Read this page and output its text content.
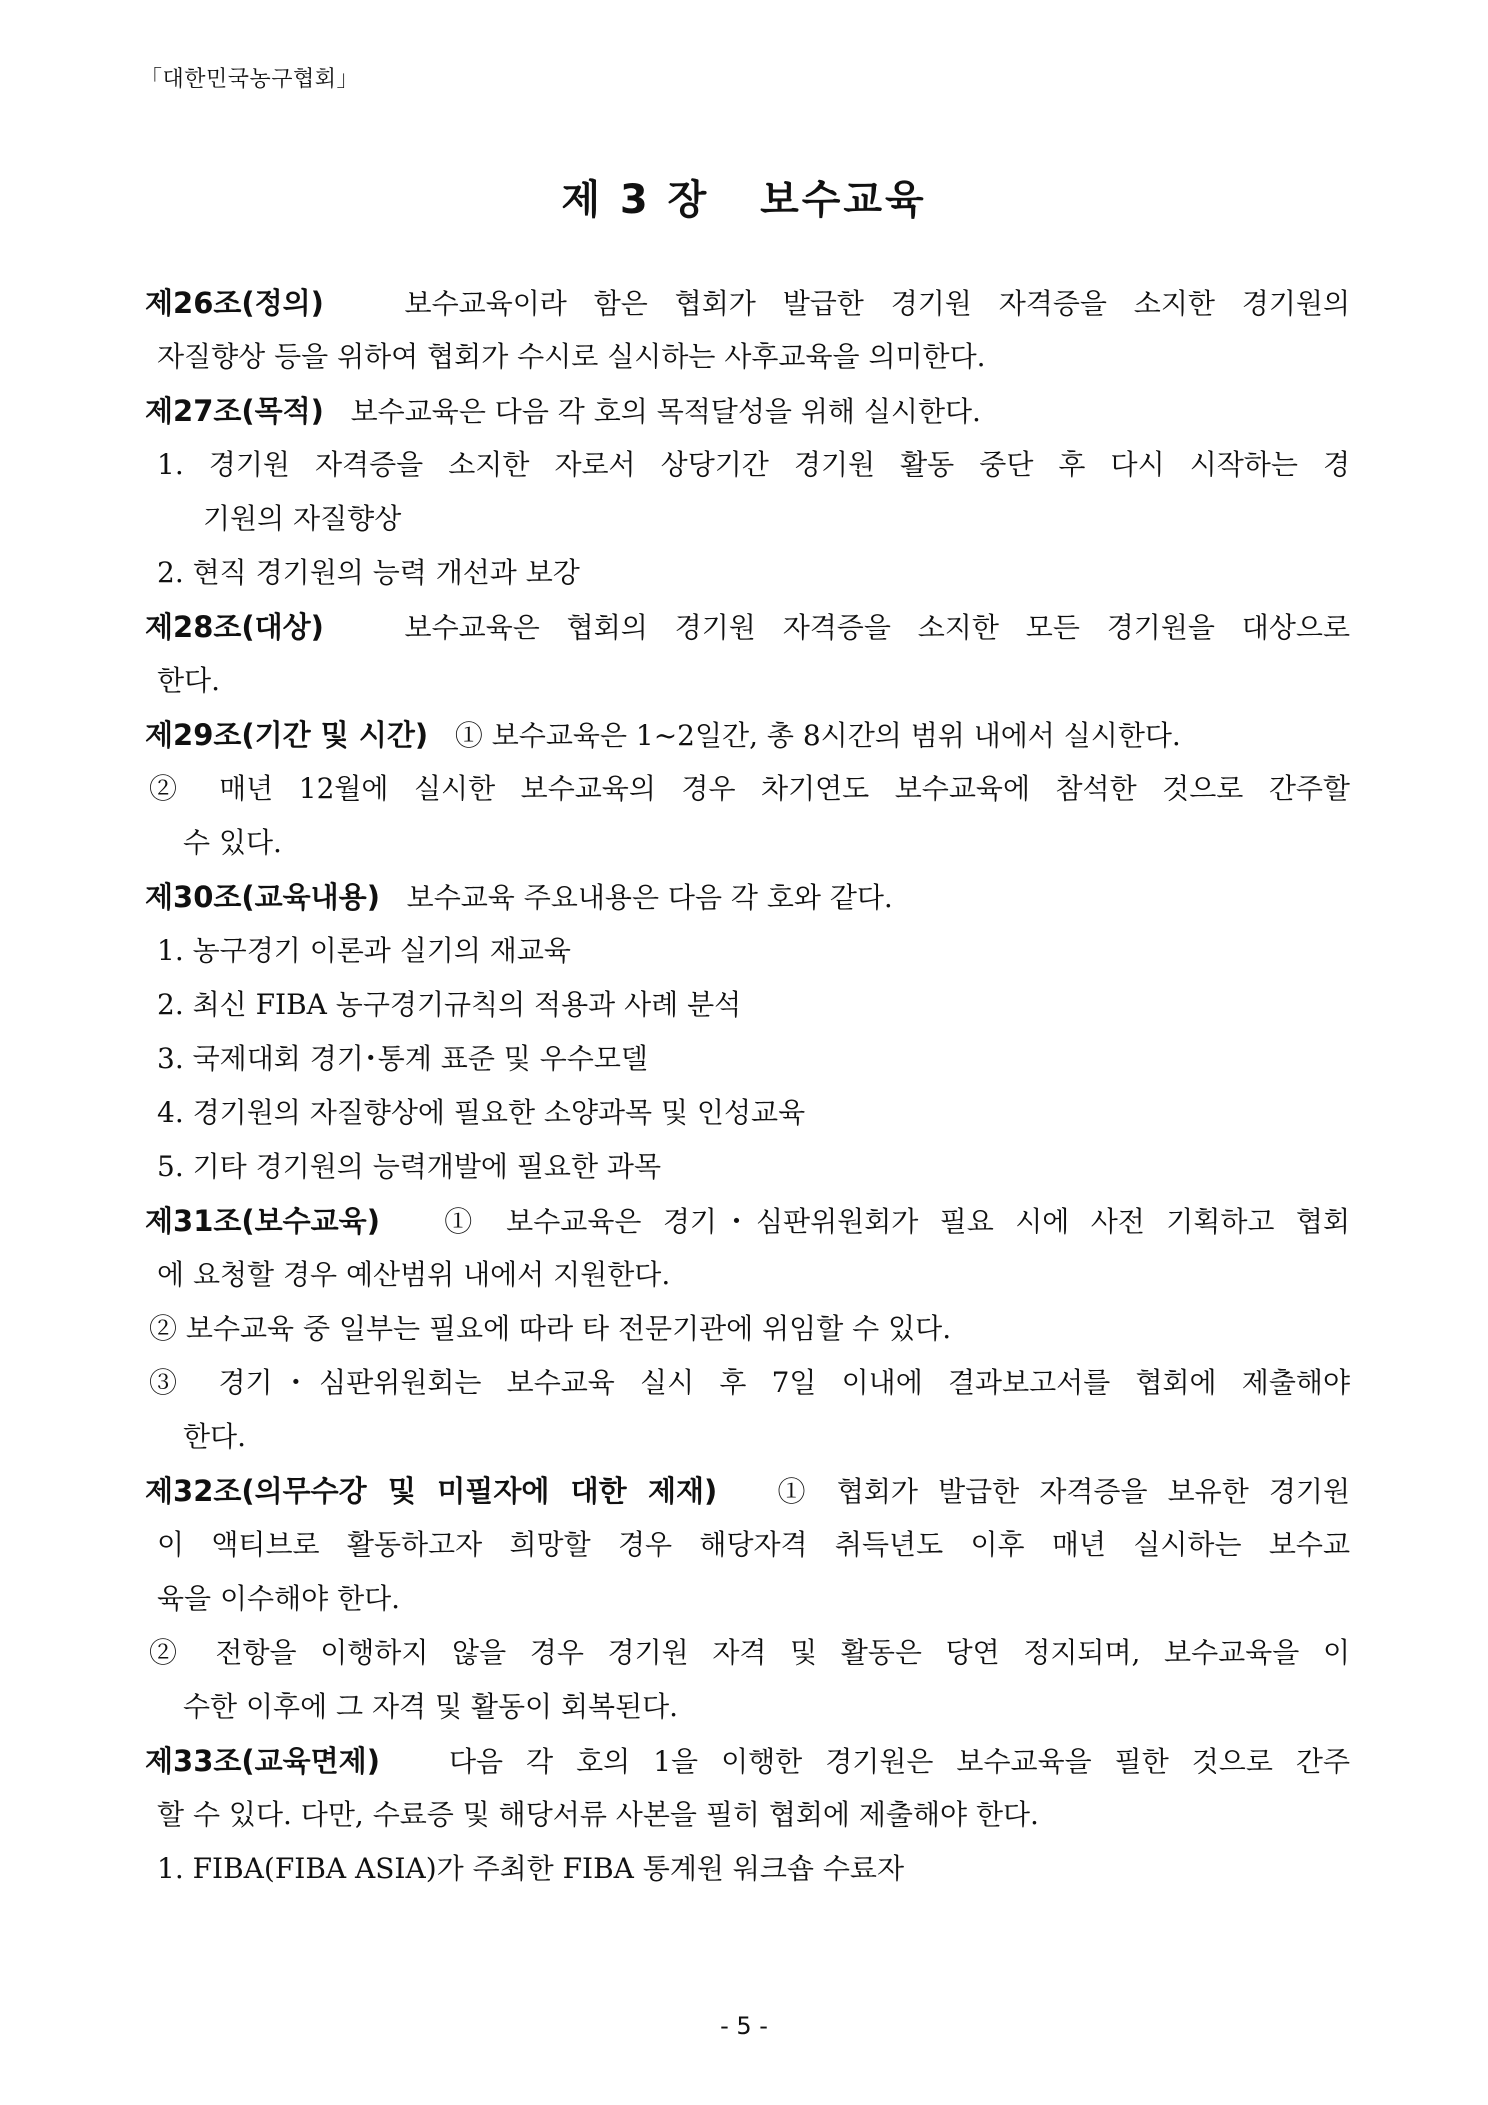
「대한민국농구협회」
제 3 장   보수교육
제26조(정의)	보수교육이라 함은 협회가 발급한 경기원 자격증을 소지한 경기원의
자질향상 등을 위하여 협회가 수시로 실시하는 사후교육을 의미한다.
제27조(목적) 보수교육은 다음 각 호의 목적달성을 위해 실시한다.
1. 경기원 자격증을 소지한 자로서 상당기간 경기원 활동 중단 후 다시 시작하는 경
기원의 자질향상
2. 현직 경기원의 능력 개선과 보강
제28조(대상)	보수교육은 협회의 경기원 자격증을 소지한 모든 경기원을 대상으로
한다.
제29조(기간 및 시간) ① 보수교육은 1~2일간, 총 8시간의 범위 내에서 실시한다.
② 매년 12월에 실시한 보수교육의 경우 차기연도 보수교육에 참석한 것으로 간주할
수 있다.
제30조(교육내용) 보수교육 주요내용은 다음 각 호와 같다.
1. 농구경기 이론과 실기의 재교육
2. 최신 FIBA 농구경기규칙의 적용과 사례 분석
3. 국제대회 경기･통계 표준 및 우수모델
4. 경기원의 자질향상에 필요한 소양과목 및 인성교육
5. 기타 경기원의 능력개발에 필요한 과목
제31조(보수교육) ① 보수교육은 경기･심판위원회가 필요 시에 사전 기획하고 협회
에 요청할 경우 예산범위 내에서 지원한다.
② 보수교육 중 일부는 필요에 따라 타 전문기관에 위임할 수 있다.
③ 경기･심판위원회는 보수교육 실시 후 7일 이내에 결과보고서를 협회에 제출해야
한다.
제32조(의무수강 및 미필자에 대한 제재) ① 협회가 발급한 자격증을 보유한 경기원
이 액티브로 활동하고자 희망할 경우 해당자격 취득년도 이후 매년 실시하는 보수교
육을 이수해야 한다.
② 전항을 이행하지 않을 경우 경기원 자격 및 활동은 당연 정지되며, 보수교육을 이
수한 이후에 그 자격 및 활동이 회복된다.
제33조(교육면제) 다음 각 호의 1을 이행한 경기원은 보수교육을 필한 것으로 간주
할 수 있다. 다만, 수료증 및 해당서류 사본을 필히 협회에 제출해야 한다.
1. FIBA(FIBA ASIA)가 주최한 FIBA 통계원 워크숍 수료자
- 5 -
